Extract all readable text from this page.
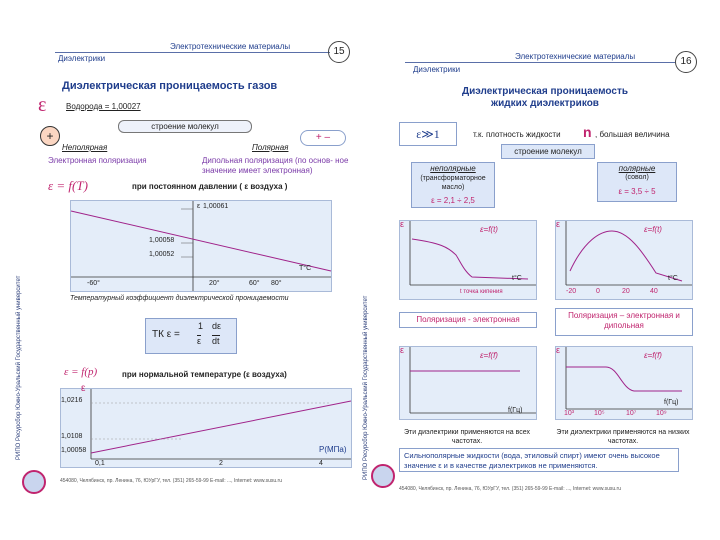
Диэлектрики
Электротехнические материалы	15
Диэлектрическая проницаемость газов
ε Водорода = 1,00027
строение молекул
+	+ –
Неполярная	Полярная
Электронная поляризация	Дипольная поляризация (по основ- ное значение имеет электронная)
ε = f(T)	при постоянном давлении ( ε воздуха )
ε 1,00061
1,00058
1,00052
T°C
-60°	20°	60° 80°
Температурный коэффициент диэлектрической проницаемости
ТК ε =
1
ε
dε
dt
ε = f(p)	при нормальной температуре (ε воздуха)
ε
1,0216
1,0108
1,00058
0,1	2	4
P(МПа)
454080, Челябинск, пр. Ленина, 76, ЮУрГУ, тел. (351) 265-59-99 E-mail: ..., Internet: www.susu.ru
РИПО Ресурсбор Южно-Уральский Государственный университет
Диэлектрики
Электротехнические материалы	16
Диэлектрическая проницаемость
жидких диэлектриков
ε≫1	т.к. плотность жидкости n , большая величина
строение молекул
неполярные
(трансформаторное масло)
ε = 2,1 ÷ 2,5
полярные
(совол)
ε = 3,5 ÷ 5
ε
ε=f(t)
t°C
t точка кипения
ε
ε=f(t)
t°C
-20	0	20	40
Поляризация - электронная	Поляризация – электронная и дипольная
ε
ε=f(f)
f(Гц)
ε
ε=f(f)
f(Гц)
10³	10⁵	10⁷	10⁹
Эти диэлектрики применяются на всех частотах.
Эти диэлектрики применяются на низких частотах.
Сильнополярные жидкости (вода, этиловый спирт) имеют очень высокое значение ε и в качестве диэлектриков не применяются.
454080, Челябинск, пр. Ленина, 76, ЮУрГУ, тел. (351) 265-59-99 E-mail: ..., Internet: www.susu.ru
РИПО Ресурсбор Южно-Уральский Государственный университет
